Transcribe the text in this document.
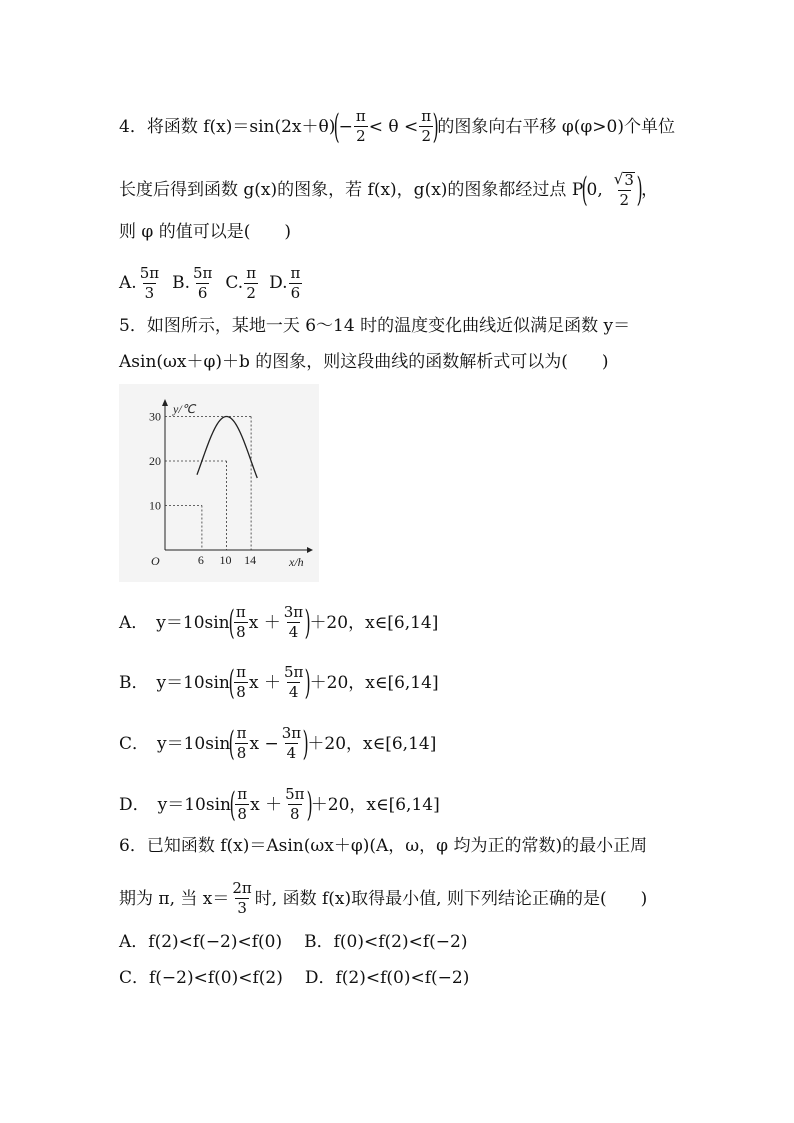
4．将函数 f(x)＝sin(2x＋θ)
(
− $\frac{\pi}{2} < \theta < \frac{\pi}{2}$ )
的图象向右平移 φ(φ>0)个单位
长度后得到函数 g(x)的图象，若 f(x)，g(x)的图象都经过点 P
(
0, $\frac{√ 3}{2}$ )
，
则 φ 的值可以是(　　)
A. $\frac{5\pi}{3} B$. $\frac{5\pi}{6} C$. $\frac{\pi}{2} D$. $\frac{\pi}{6}$
5．如图所示，某地一天 6～14 时的温度变化曲线近似满足函数 y＝
Asin(ωx＋φ)＋b 的图象，则这段曲线的函数解析式可以为(　　)
y/℃
x/h
O	6 10 14
10
20
30
A． y＝10sin
( $\frac{\pi}{8}$ $x + \frac{3\pi}{4}$ )
＋20，x∈[6,14]
B． y＝10sin
( $\frac{\pi}{8}$ $x + \frac{5\pi}{4}$ )
＋20，x∈[6,14]
C． y＝10sin
( $\frac{\pi}{8}$ $x - \frac{3\pi}{4}$ )
＋20，x∈[6,14]
D． y＝10sin
( $\frac{\pi}{8}$ $x + \frac{5\pi}{8}$ )
＋20，x∈[6,14]
6．已知函数 f(x)＝Asin(ωx＋φ)(A，ω，φ 均为正的常数)的最小正周
期为 π, 当 $x= \frac{2\pi}{3}$ 时, 函数 f(x)取得最小值, 则下列结论正确的是(　　)
A．f(2)<f(−2)<f(0) B．f(0)<f(2)<f(−2)
C．f(−2)<f(0)<f(2) D．f(2)<f(0)<f(−2)
